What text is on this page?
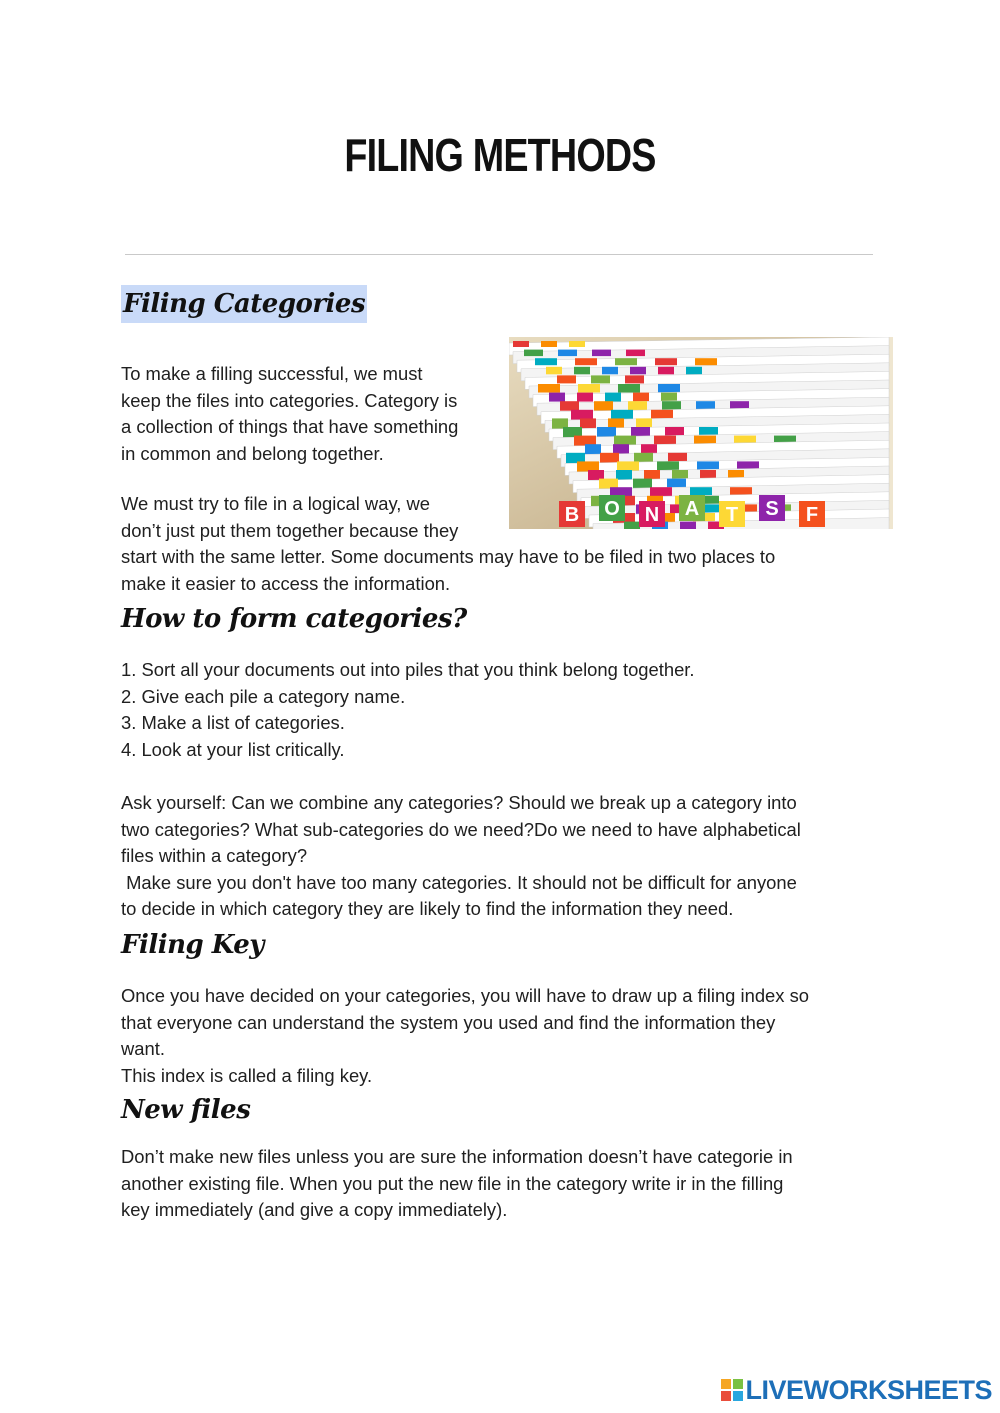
FILING METHODS
Filing Categories

To make a filling successful, we must
keep the files into categories. Category is
a collection of things that have something
in common and belong together.

We must try to file in a logical way, we
don’t just put them together because they
start with the same letter. Some documents may have to be filed in two places to
make it easier to access the information.

B O N A T S F
How to form categories?

1. Sort all your documents out into piles that you think belong together.
2. Give each pile a category name.
3. Make a list of categories.
4. Look at your list critically.

Ask yourself: Can we combine any categories? Should we break up a category into
two categories? What sub-categories do we need?Do we need to have alphabetical
files within a category?
Make sure you don't have too many categories. It should not be difficult for anyone
to decide in which category they are likely to find the information they need.

Filing Key

Once you have decided on your categories, you will have to draw up a filing index so
that everyone can understand the system you used and find the information they
want.
This index is called a filing key.

New files

Don’t make new files unless you are sure the information doesn’t have categorie in
another existing file. When you put the new file in the category write ir in the filling
key immediately (and give a copy immediately).

LIVEWORKSHEETS
